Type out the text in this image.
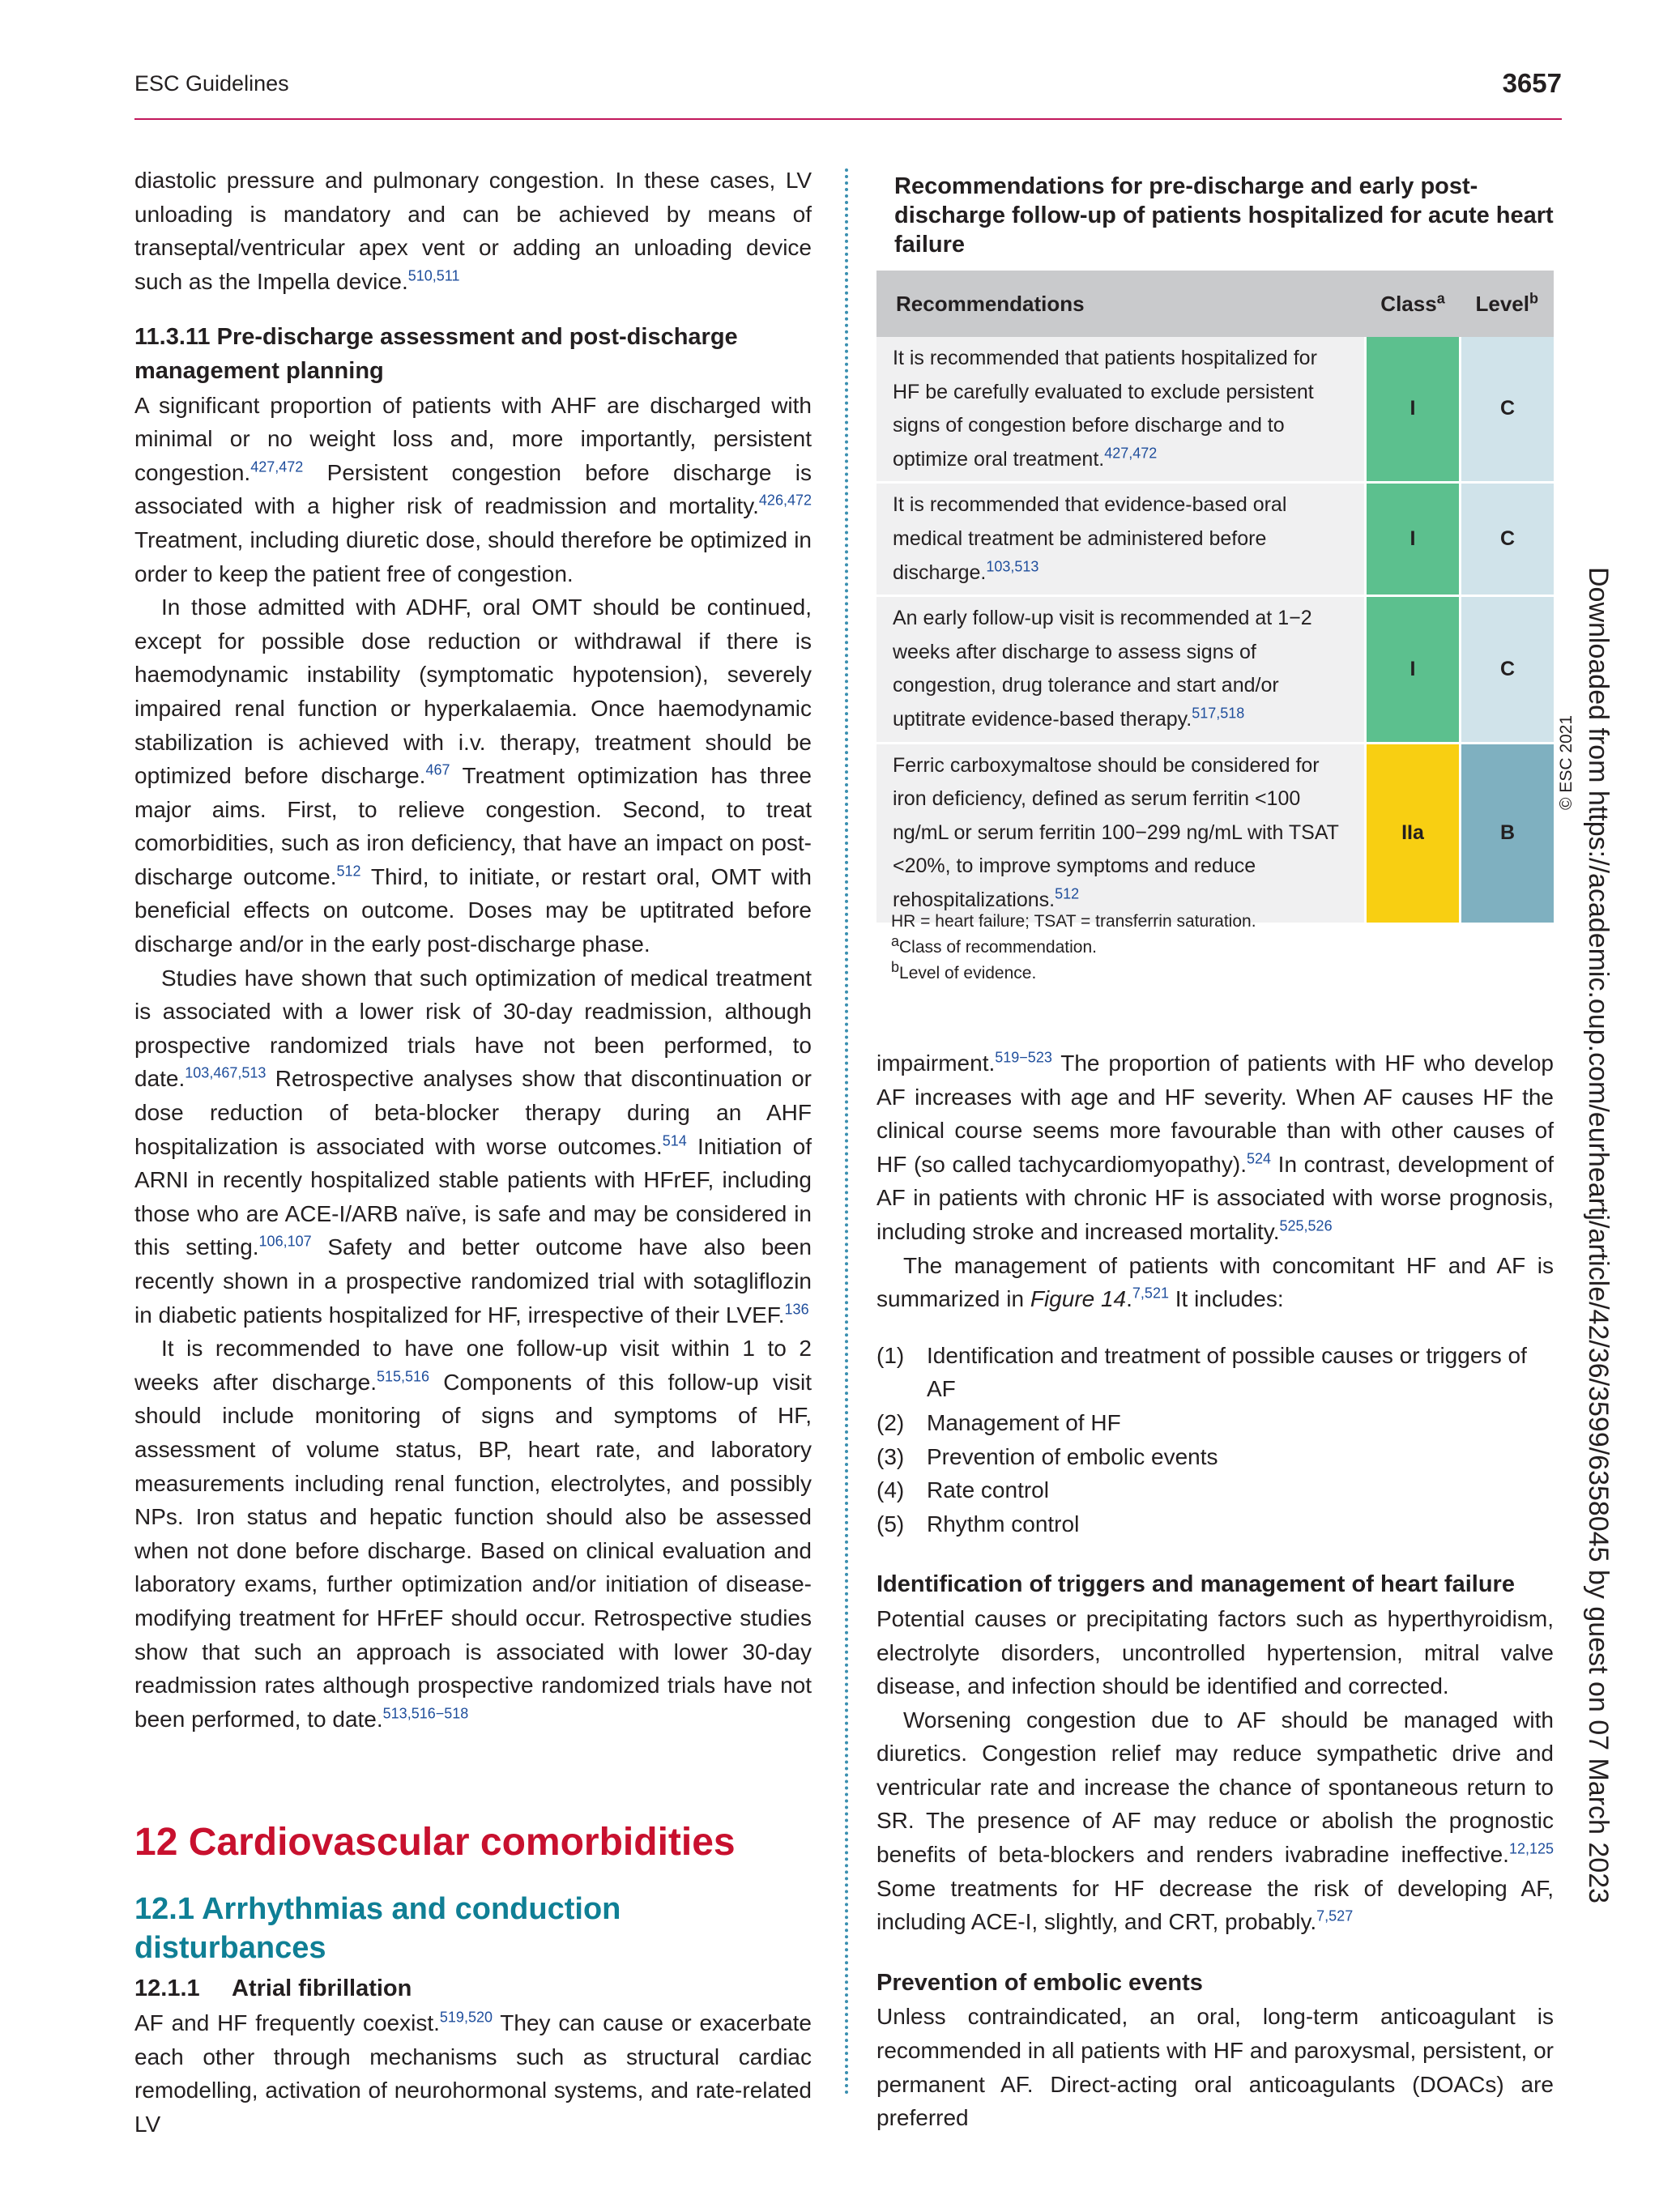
ESC Guidelines	3657

diastolic pressure and pulmonary congestion. In these cases, LV unloading is mandatory and can be achieved by means of transeptal/ventricular apex vent or adding an unloading device such as the Impella device.$^{510,511}$

11.3.11 Pre-discharge assessment and post-discharge management planning

A significant proportion of patients with AHF are discharged with minimal or no weight loss and, more importantly, persistent congestion.$^{427,472}$ Persistent congestion before discharge is associated with a higher risk of readmission and mortality.$^{426,472}$ Treatment, including diuretic dose, should therefore be optimized in order to keep the patient free of congestion.

In those admitted with ADHF, oral OMT should be continued, except for possible dose reduction or withdrawal if there is haemodynamic instability (symptomatic hypotension), severely impaired renal function or hyperkalaemia. Once haemodynamic stabilization is achieved with i.v. therapy, treatment should be optimized before discharge.$^{467}$ Treatment optimization has three major aims. First, to relieve congestion. Second, to treat comorbidities, such as iron deficiency, that have an impact on post-discharge outcome.$^{512}$ Third, to initiate, or restart oral, OMT with beneficial effects on outcome. Doses may be uptitrated before discharge and/or in the early post-discharge phase.

Studies have shown that such optimization of medical treatment is associated with a lower risk of 30-day readmission, although prospective randomized trials have not been performed, to date.$^{103,467,513}$ Retrospective analyses show that discontinuation or dose reduction of beta-blocker therapy during an AHF hospitalization is associated with worse outcomes.$^{514}$ Initiation of ARNI in recently hospitalized stable patients with HFrEF, including those who are ACE-I/ARB naïve, is safe and may be considered in this setting.$^{106,107}$ Safety and better outcome have also been recently shown in a prospective randomized trial with sotagliflozin in diabetic patients hospitalized for HF, irrespective of their LVEF.$^{136}$

It is recommended to have one follow-up visit within 1 to 2 weeks after discharge.$^{515,516}$ Components of this follow-up visit should include monitoring of signs and symptoms of HF, assessment of volume status, BP, heart rate, and laboratory measurements including renal function, electrolytes, and possibly NPs. Iron status and hepatic function should also be assessed when not done before discharge. Based on clinical evaluation and laboratory exams, further optimization and/or initiation of disease-modifying treatment for HFrEF should occur. Retrospective studies show that such an approach is associated with lower 30-day readmission rates although prospective randomized trials have not been performed, to date.$^{513,516-518}$

12 Cardiovascular comorbidities
12.1 Arrhythmias and conduction disturbances
12.1.1 Atrial fibrillation

AF and HF frequently coexist.$^{519,520}$ They can cause or exacerbate each other through mechanisms such as structural cardiac remodelling, activation of neurohormonal systems, and rate-related LV

Recommendations for pre-discharge and early post-discharge follow-up of patients hospitalized for acute heart failure
Recommendations	Class$^a$	Level$^b$
It is recommended that patients hospitalized for HF be carefully evaluated to exclude persistent signs of congestion before discharge and to optimize oral treatment.$^{427,472}$	I	C
It is recommended that evidence-based oral medical treatment be administered before discharge.$^{103,513}$	I	C
An early follow-up visit is recommended at 1−2 weeks after discharge to assess signs of congestion, drug tolerance and start and/or uptitrate evidence-based therapy.$^{517,518}$	I	C
Ferric carboxymaltose should be considered for iron deficiency, defined as serum ferritin <100 ng/mL or serum ferritin 100−299 ng/mL with TSAT <20%, to improve symptoms and reduce rehospitalizations.$^{512}$	IIa	B
HR = heart failure; TSAT = transferrin saturation.
$^a$Class of recommendation.
$^b$Level of evidence.
© ESC 2021

impairment.$^{519-523}$ The proportion of patients with HF who develop AF increases with age and HF severity. When AF causes HF the clinical course seems more favourable than with other causes of HF (so called tachycardiomyopathy).$^{524}$ In contrast, development of AF in patients with chronic HF is associated with worse prognosis, including stroke and increased mortality.$^{525,526}$

The management of patients with concomitant HF and AF is summarized in Figure 14.$^{7,521}$ It includes:

(1) Identification and treatment of possible causes or triggers of AF
(2) Management of HF
(3) Prevention of embolic events
(4) Rate control
(5) Rhythm control
Identification of triggers and management of heart failure

Potential causes or precipitating factors such as hyperthyroidism, electrolyte disorders, uncontrolled hypertension, mitral valve disease, and infection should be identified and corrected.

Worsening congestion due to AF should be managed with diuretics. Congestion relief may reduce sympathetic drive and ventricular rate and increase the chance of spontaneous return to SR. The presence of AF may reduce or abolish the prognostic benefits of beta-blockers and renders ivabradine ineffective.$^{12,125}$ Some treatments for HF decrease the risk of developing AF, including ACE-I, slightly, and CRT, probably.$^{7,527}$

Prevention of embolic events

Unless contraindicated, an oral, long-term anticoagulant is recommended in all patients with HF and paroxysmal, persistent, or permanent AF. Direct-acting oral anticoagulants (DOACs) are preferred

Downloaded from https://academic.oup.com/eurheartj/article/42/36/3599/6358045 by guest on 07 March 2023
